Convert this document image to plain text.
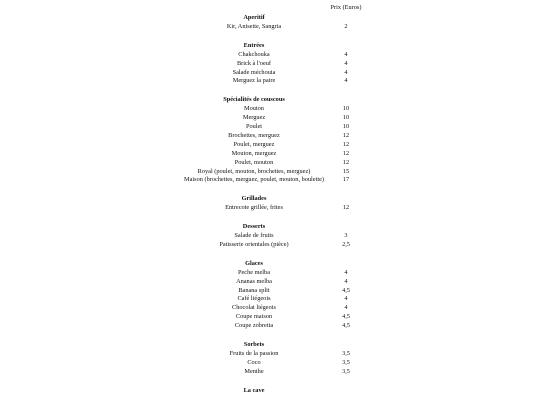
Prix (Euros)
Aperitif
Kir, Anisette, Sangria	2
Entrées
Chakchouka	4
Brick à l'oeuf	4
Salade méchouia	4
Merguez la paire	4
Spécialités de couscous
Mouton	10
Merguez	10
Poulet	10
Brochettes, merguez	12
Poulet, merguez	12
Mouton, merguez	12
Poulet, mouton	12
Royal (poulet, mouton, brochettes, merguez)	15
Maison (brochettes, merguez, poulet, mouton, boulette)	17
Grillades
Entrecote grillée, frites	12
Desserts
Salade de fruits	3
Patisserie orientales (pièce)	2,5
Glaces
Peche melba	4
Ananas melba	4
Banana split	4,5
Café liégeois	4
Chocolat liégeois	4
Coupe maison	4,5
Coupe zobretta	4,5
Sorbets
Fruits de la passion	3,5
Coco	3,5
Menthe	3,5
La cave
